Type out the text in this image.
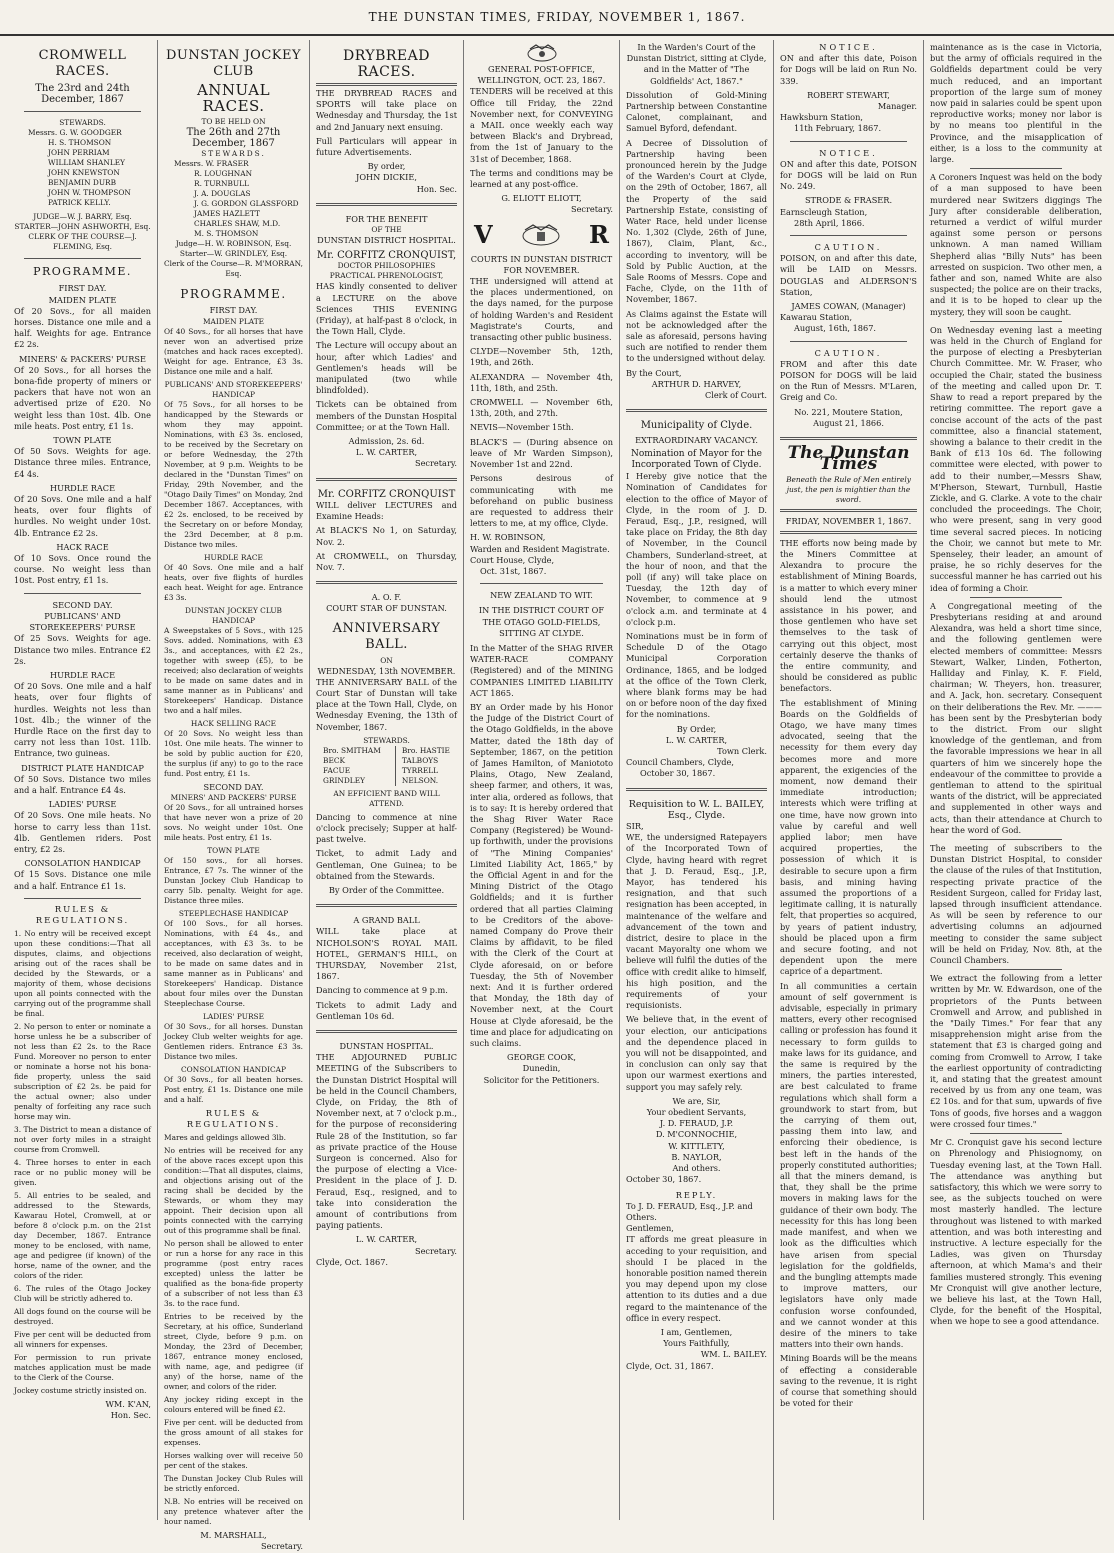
THE DUNSTAN TIMES, FRIDAY, NOVEMBER 1, 1867.
CROMWELL RACES.
The 23rd and 24th December, 1867
STEWARDS.
Messrs. G. W. GOODGER
H. S. THOMSON
JOHN PERRIAM
WILLIAM SHANLEY
JOHN KNEWSTON
BENJAMIN DURB
JOHN W. THOMPSON
PATRICK KELLY.
JUDGE—W. J. BARRY, Esq.
STARTER—JOHN ASHWORTH, Esq.
CLERK OF THE COURSE—J. FLEMING, Esq.
PROGRAMME.
FIRST DAY.
MAIDEN PLATE

Of 20 Sovs., for all maiden horses. Distance one mile and a half. Weights for age. Entrance £2 2s.

MINERS' & PACKERS' PURSE

Of 20 Sovs., for all horses the bona-fide property of miners or packers that have not won an advertised prize of £20. No weight less than 10st. 4lb. One mile heats. Post entry, £1 1s.

TOWN PLATE

Of 50 Sovs. Weights for age. Distance three miles. Entrance, £4 4s.

HURDLE RACE

Of 20 Sovs. One mile and a half heats, over four flights of hurdles. No weight under 10st. 4lb. Entrance £2 2s.

HACK RACE

Of 10 Sovs. Once round the course. No weight less than 10st. Post entry, £1 1s.

SECOND DAY.
PUBLICANS' AND STOREKEEPERS' PURSE

Of 25 Sovs. Weights for age. Distance two miles. Entrance £2 2s.

HURDLE RACE

Of 20 Sovs. One mile and a half heats, over four flights of hurdles. Weights not less than 10st. 4lb.; the winner of the Hurdle Race on the first day to carry not less than 10st. 11lb. Entrance, two guineas.

DISTRICT PLATE HANDICAP

Of 50 Sovs. Distance two miles and a half. Entrance £4 4s.

LADIES' PURSE

Of 20 Sovs. One mile heats. No horse to carry less than 11st. 4lb. Gentlemen riders. Post entry, £2 2s.

CONSOLATION HANDICAP

Of 15 Sovs. Distance one mile and a half. Entrance £1 1s.

RULES & REGULATIONS.

1. No entry will be received except upon these conditions:—That all disputes, claims, and objections arising out of the races shall be decided by the Stewards, or a majority of them, whose decisions upon all points connected with the carrying out of the programme shall be final.

2. No person to enter or nominate a horse unless he be a subscriber of not less than £2 2s. to the Race Fund. Moreover no person to enter or nominate a horse not his bona-fide property, unless the said subscription of £2 2s. be paid for the actual owner; also under penalty of forfeiting any race such horse may win.

3. The District to mean a distance of not over forty miles in a straight course from Cromwell.

4. Three horses to enter in each race or no public money will be given.

5. All entries to be sealed, and addressed to the Stewards, Kawarau Hotel, Cromwell, at or before 8 o'clock p.m. on the 21st day December, 1867. Entrance money to be enclosed, with name, age and pedigree (if known) of the horse, name of the owner, and the colors of the rider.

6. The rules of the Otago Jockey Club will be strictly adhered to.

All dogs found on the course will be destroyed.

Five per cent will be deducted from all winners for expenses.

For permission to run private matches application must be made to the Clerk of the Course.

Jockey costume strictly insisted on.

WM. K'AN,
Hon. Sec.
DUNSTAN JOCKEY CLUB
ANNUAL RACES.
TO BE HELD ON
The 26th and 27th December, 1867
STEWARDS.
Messrs. W. FRASER
R. LOUGHNAN
R. TURNBULL
J. A. DOUGLAS
J. G. GORDON GLASSFORD
JAMES HAZLETT
CHARLES SHAW, M.D.
M. S. THOMSON
Judge—H. W. ROBINSON, Esq.
Starter—W. GRINDLEY, Esq.
Clerk of the Course—R. M'MORRAN, Esq.
PROGRAMME.
FIRST DAY.
MAIDEN PLATE

Of 40 Sovs., for all horses that have never won an advertised prize (matches and hack races excepted). Weight for age. Entrance, £3 3s. Distance one mile and a half.

PUBLICANS' AND STOREKEEPERS' HANDICAP

Of 75 Sovs., for all horses to be handicapped by the Stewards or whom they may appoint. Nominations, with £3 3s. enclosed, to be received by the Secretary on or before Wednesday, the 27th November, at 9 p.m. Weights to be declared in the "Dunstan Times" on Friday, 29th November, and the "Otago Daily Times" on Monday, 2nd December 1867. Acceptances, with £2 2s. enclosed, to be received by the Secretary on or before Monday, the 23rd December, at 8 p.m. Distance two miles.

HURDLE RACE

Of 40 Sovs. One mile and a half heats, over five flights of hurdles each heat. Weight for age. Entrance £3 3s.

DUNSTAN JOCKEY CLUB HANDICAP

A Sweepstakes of 5 Sovs., with 125 Sovs. added. Nominations, with £3 3s., and acceptances, with £2 2s., together with sweep (£5), to be received; also declaration of weights to be made on same dates and in same manner as in Publicans' and Storekeepers' Handicap. Distance two and a half miles.

HACK SELLING RACE

Of 20 Sovs. No weight less than 10st. One mile heats. The winner to be sold by public auction for £20, the surplus (if any) to go to the race fund. Post entry, £1 1s.

SECOND DAY.
MINERS' AND PACKERS' PURSE

Of 20 Sovs., for all untrained horses that have never won a prize of 20 sovs. No weight under 10st. One mile heats. Post entry, £1 1s.

TOWN PLATE

Of 150 sovs., for all horses. Entrance, £7 7s. The winner of the Dunstan Jockey Club Handicap to carry 5lb. penalty. Weight for age. Distance three miles.

STEEPLECHASE HANDICAP

Of 100 Sovs., for all horses. Nominations, with £4 4s., and acceptances, with £3 3s. to be received, also declaration of weight, to be made on same dates and in same manner as in Publicans' and Storekeepers' Handicap. Distance about four miles over the Dunstan Steeplechase Course.

LADIES' PURSE

Of 30 Sovs., for all horses. Dunstan Jockey Club welter weights for age. Gentlemen riders. Entrance £3 3s. Distance two miles.

CONSOLATION HANDICAP

Of 30 Sovs., for all beaten horses. Post entry, £1 1s. Distance one mile and a half.

RULES & REGULATIONS.

Mares and geldings allowed 3lb.

No entries will be received for any of the above races except upon this condition:—That all disputes, claims, and objections arising out of the racing shall be decided by the Stewards, or whom they may appoint. Their decision upon all points connected with the carrying out of this programme shall be final.

No person shall be allowed to enter or run a horse for any race in this programme (post entry races excepted) unless the latter be qualified as the bona-fide property of a subscriber of not less than £3 3s. to the race fund.

Entries to be received by the Secretary, at his office, Sunderland street, Clyde, before 9 p.m. on Monday, the 23rd of December, 1867, entrance money enclosed, with name, age, and pedigree (if any) of the horse, name of the owner, and colors of the rider.

Any jockey riding except in the colours entered will be fined £2.

Five per cent. will be deducted from the gross amount of all stakes for expenses.

Horses walking over will receive 50 per cent of the stakes.

The Dunstan Jockey Club Rules will be strictly enforced.

N.B. No entries will be received on any pretence whatever after the hour named.

M. MARSHALL,
Secretary.
DRYBREAD RACES.

THE DRYBREAD RACES and SPORTS will take place on Wednesday and Thursday, the 1st and 2nd January next ensuing.

Full Particulars will appear in future Advertisements.

By order,
JOHN DICKIE,
Hon. Sec.
FOR THE BENEFIT
OF THE
DUNSTAN DISTRICT HOSPITAL.
Mr. CORFITZ CRONQUIST,
DOCTOR PHILOSOPHIES PRACTICAL PHRENOLOGIST,

HAS kindly consented to deliver a LECTURE on the above Sciences THIS EVENING (Friday), at half-past 8 o'clock, in the Town Hall, Clyde.

The Lecture will occupy about an hour, after which Ladies' and Gentlemen's heads will be manipulated (two while blindfolded).

Tickets can be obtained from members of the Dunstan Hospital Committee; or at the Town Hall.

Admission, 2s. 6d.
L. W. CARTER,
Secretary.
Mr. CORFITZ CRONQUIST

WILL deliver LECTURES and Examine Heads:

At BLACK'S No 1, on Saturday, Nov. 2.

At CROMWELL, on Thursday, Nov. 7.

A. O. F.
COURT STAR OF DUNSTAN.
ANNIVERSARY BALL.
ON
WEDNESDAY, 13th NOVEMBER.

THE ANNIVERSARY BALL of the Court Star of Dunstan will take place at the Town Hall, Clyde, on Wednesday Evening, the 13th of November, 1867.

STEWARDS.
Bro. SMITHAM
BECK
FACUE
GRINDLEY
Bro. HASTIE
TALBOYS
TYRRELL
NELSON.
AN EFFICIENT BAND WILL ATTEND.

Dancing to commence at nine o'clock precisely; Supper at half-past twelve.

Ticket, to admit Lady and Gentleman, One Guinea; to be obtained from the Stewards.

By Order of the Committee.
A GRAND BALL

WILL take place at NICHOLSON'S ROYAL MAIL HOTEL, GERMAN'S HILL, on THURSDAY, November 21st, 1867.

Dancing to commence at 9 p.m.

Tickets to admit Lady and Gentleman 10s 6d.

DUNSTAN HOSPITAL.

THE ADJOURNED PUBLIC MEETING of the Subscribers to the Dunstan District Hospital will be held in the Council Chambers, Clyde, on Friday, the 8th of November next, at 7 o'clock p.m., for the purpose of reconsidering Rule 28 of the Institution, so far as private practice of the House Surgeon is concerned. Also for the purpose of electing a Vice-President in the place of J. D. Feraud, Esq., resigned, and to take into consideration the amount of contributions from paying patients.

L. W. CARTER,
Secretary.
Clyde, Oct. 1867.
GENERAL POST-OFFICE,
WELLINGTON, OCT. 23, 1867.

TENDERS will be received at this Office till Friday, the 22nd November next, for CONVEYING a MAIL once weekly each way between Black's and Drybread, from the 1st of January to the 31st of December, 1868.

The terms and conditions may be learned at any post-office.

G. ELIOTT ELIOTT,
Secretary.
V	R
COURTS IN DUNSTAN DISTRICT FOR NOVEMBER.

THE undersigned will attend at the places undermentioned, on the days named, for the purpose of holding Warden's and Resident Magistrate's Courts, and transacting other public business.

CLYDE—November 5th, 12th, 19th, and 26th.

ALEXANDRA — November 4th, 11th, 18th, and 25th.

CROMWELL — November 6th, 13th, 20th, and 27th.

NEVIS—November 15th.

BLACK'S — (During absence on leave of Mr Warden Simpson), November 1st and 22nd.

Persons desirous of communicating with me beforehand on public business are requested to address their letters to me, at my office, Clyde.

H. W. ROBINSON,
Warden and Resident Magistrate.
Court House, Clyde,
Oct. 31st, 1867.
NEW ZEALAND TO WIT.
IN THE DISTRICT COURT OF THE OTAGO GOLD-FIELDS, SITTING AT CLYDE.

In the Matter of the SHAG RIVER WATER-RACE COMPANY (Registered) and of the MINING COMPANIES LIMITED LIABILITY ACT 1865.

BY an Order made by his Honor the Judge of the District Court of the Otago Goldfields, in the above Matter, dated the 18th day of September, 1867, on the petition of James Hamilton, of Maniototo Plains, Otago, New Zealand, sheep farmer, and others, it was, inter alia, ordered as follows, that is to say: It is hereby ordered that the Shag River Water Race Company (Registered) be Wound-up forthwith, under the provisions of "The Mining Companies' Limited Liability Act, 1865," by the Official Agent in and for the Mining District of the Otago Goldfields; and it is further ordered that all parties Claiming to be Creditors of the above-named Company do Prove their Claims by affidavit, to be filed with the Clerk of the Court at Clyde aforesaid, on or before Tuesday, the 5th of November next: And it is further ordered that Monday, the 18th day of November next, at the Court House at Clyde aforesaid, be the time and place for adjudicating on such claims.

GEORGE COOK,
Dunedin,
Solicitor for the Petitioners.

In the Warden's Court of the Dunstan District, sitting at Clyde, and in the Matter of "The Goldfields' Act, 1867."

Dissolution of Gold-Mining Partnership between Constantine Calonet, complainant, and Samuel Byford, defendant.

A Decree of Dissolution of Partnership having been pronounced herein by the Judge of the Warden's Court at Clyde, on the 29th of October, 1867, all the Property of the said Partnership Estate, consisting of Water Race, held under license No. 1,302 (Clyde, 26th of June, 1867), Claim, Plant, &c., according to inventory, will be Sold by Public Auction, at the Sale Rooms of Messrs. Cope and Fache, Clyde, on the 11th of November, 1867.

As Claims against the Estate will not be acknowledged after the sale as aforesaid, persons having such are notified to render them to the undersigned without delay.

By the Court,
ARTHUR D. HARVEY,
Clerk of Court.
Municipality of Clyde.
EXTRAORDINARY VACANCY.
Nomination of Mayor for the Incorporated Town of Clyde.

I Hereby give notice that the Nomination of Candidates for election to the office of Mayor of Clyde, in the room of J. D. Feraud, Esq., J.P., resigned, will take place on Friday, the 8th day of November, in the Council Chambers, Sunderland-street, at the hour of noon, and that the poll (if any) will take place on Tuesday, the 12th day of November, to commence at 9 o'clock a.m. and terminate at 4 o'clock p.m.

Nominations must be in form of Schedule D of the Otago Municipal Corporation Ordinance, 1865, and be lodged at the office of the Town Clerk, where blank forms may be had on or before noon of the day fixed for the nominations.

By Order,
L. W. CARTER,
Town Clerk.
Council Chambers, Clyde,
October 30, 1867.
Requisition to W. L. BAILEY, Esq., Clyde.
SIR,

WE, the undersigned Ratepayers of the Incorporated Town of Clyde, having heard with regret that J. D. Feraud, Esq., J.P., Mayor, has tendered his resignation, and that such resignation has been accepted, in maintenance of the welfare and advancement of the town and district, desire to place in the vacant Mayoralty one whom we believe will fulfil the duties of the office with credit alike to himself, his high position, and the requirements of your requisionists.

We believe that, in the event of your election, our anticipations and the dependence placed in you will not be disappointed, and in conclusion can only say that upon our warmest exertions and support you may safely rely.

We are, Sir,
Your obedient Servants,
J. D. FERAUD, J.P.
D. M'CONNOCHIE,
W. KITTLETY,
B. NAYLOR,
And others.
October 30, 1867.
REPLY.
To J. D. FERAUD, Esq., J.P. and Others.
Gentlemen,

IT affords me great pleasure in acceding to your requisition, and should I be placed in the honorable position named therein you may depend upon my close attention to its duties and a due regard to the maintenance of the office in every respect.

I am, Gentlemen,
Yours Faithfully,
WM. L. BAILEY.
Clyde, Oct. 31, 1867.
NOTICE.

ON and after this date, Poison for Dogs will be laid on Run No. 339.

ROBERT STEWART,
Manager.
Hawksburn Station,
11th February, 1867.
NOTICE.

ON and after this date, POISON for DOGS will be laid on Run No. 249.

STRODE & FRASER.
Earnscleugh Station,
28th April, 1866.
CAUTION.

POISON, on and after this date, will be LAID on Messrs. DOUGLAS and ALDERSON'S Station,

JAMES COWAN, (Manager)
Kawarau Station,
August, 16th, 1867.
CAUTION.

FROM and after this date POISON for DOGS will be laid on the Run of Messrs. M'Laren, Greig and Co.

No. 221, Moutere Station,
August 21, 1866.
The Dunstan Times
Beneath the Rule of Men entirely just, the pen is mightier than the sword.
FRIDAY, NOVEMBER 1, 1867.

THE efforts now being made by the Miners Committee at Alexandra to procure the establishment of Mining Boards, is a matter to which every miner should lend the utmost assistance in his power, and those gentlemen who have set themselves to the task of carrying out this object, most certainly deserve the thanks of the entire community, and should be considered as public benefactors.

The establishment of Mining Boards on the Goldfields of Otago, we have many times advocated, seeing that the necessity for them every day becomes more and more apparent, the exigencies of the moment, now demand their immediate introduction; interests which were trifling at one time, have now grown into value by careful and well applied labor; men have acquired properties, the possession of which it is desirable to secure upon a firm basis, and mining having assumed the proportions of a legitimate calling, it is naturally felt, that properties so acquired, by years of patient industry, should be placed upon a firm and secure footing, and not dependent upon the mere caprice of a department.

In all communities a certain amount of self government is advisable, especially in primary matters, every other recognised calling or profession has found it necessary to form guilds to make laws for its guidance, and the same is required by the miners, the parties interested, are best calculated to frame regulations which shall form a groundwork to start from, but the carrying of them out, passing them into law, and enforcing their obedience, is best left in the hands of the properly constituted authorities; all that the miners demand, is that, they shall be the prime movers in making laws for the guidance of their own body. The necessity for this has long been made manifest, and when we look as the difficulties which have arisen from special legislation for the goldfields, and the bungling attempts made to improve matters, our legislators have only made confusion worse confounded, and we cannot wonder at this desire of the miners to take matters into their own hands.

Mining Boards will be the means of effecting a considerable saving to the revenue, it is right of course that something should be voted for their

maintenance as is the case in Victoria, but the army of officials required in the Goldfields department could be very much reduced, and an important proportion of the large sum of money now paid in salaries could be spent upon reproductive works; money nor labor is by no means too plentiful in the Province, and the misapplication of either, is a loss to the community at large.

A Coroners Inquest was held on the body of a man supposed to have been murdered near Switzers diggings The Jury after considerable deliberation, returned a verdict of wilful murder against some person or persons unknown. A man named William Shepherd alias "Billy Nuts" has been arrested on suspicion. Two other men, a father and son, named White are also suspected; the police are on their tracks, and it is to be hoped to clear up the mystery, they will soon be caught.

On Wednesday evening last a meeting was held in the Church of England for the purpose of electing a Presbyterian Church Committee. Mr. W. Fraser, who occupied the Chair, stated the business of the meeting and called upon Dr. T. Shaw to read a report prepared by the retiring committee. The report gave a concise account of the acts of the past committee, also a financial statement, showing a balance to their credit in the Bank of £13 10s 6d. The following committee were elected, with power to add to their number,—Messrs Shaw, M'Pherson, Stewart, Turnbull, Hastie Zickle, and G. Clarke. A vote to the chair concluded the proceedings. The Choir, who were present, sang in very good time several sacred pieces. In noticing the Choir, we cannot but mete to Mr. Spenseley, their leader, an amount of praise, he so richly deserves for the successful manner he has carried out his idea of forming a Choir.

A Congregational meeting of the Presbyterians residing at and around Alexandra, was held a short time since, and the following gentlemen were elected members of committee: Messrs Stewart, Walker, Linden, Fotherton, Halliday and Finlay, K. F. Field, chairman; W. Theyers, hon. treasurer, and A. Jack, hon. secretary. Consequent on their deliberations the Rev. Mr. ——— has been sent by the Presbyterian body to the district. From our slight knowledge of the gentleman, and from the favorable impressions we hear in all quarters of him we sincerely hope the endeavour of the committee to provide a gentleman to attend to the spiritual wants of the district, will be appreciated and supplemented in other ways and acts, than their attendance at Church to hear the word of God.

The meeting of subscribers to the Dunstan District Hospital, to consider the clause of the rules of that Institution, respecting private practice of the Resident Surgeon, called for Friday last, lapsed through insufficient attendance. As will be seen by reference to our advertising columns an adjourned meeting to consider the same subject will be held on Friday, Nov. 8th, at the Council Chambers.

We extract the following from a letter written by Mr. W. Edwardson, one of the proprietors of the Punts between Cromwell and Arrow, and published in the "Daily Times." For fear that any misapprehension might arise from the statement that £3 is charged going and coming from Cromwell to Arrow, I take the earliest opportunity of contradicting it, and stating that the greatest amount received by us from any one team, was £2 10s. and for that sum, upwards of five Tons of goods, five horses and a waggon were crossed four times."

Mr C. Cronquist gave his second lecture on Phrenology and Phisiognomy, on Tuesday evening last, at the Town Hall. The attendance was anything but satisfactory, this which we were sorry to see, as the subjects touched on were most masterly handled. The lecture throughout was listened to with marked attention, and was both interesting and instructive. A lecture especially for the Ladies, was given on Thursday afternoon, at which Mama's and their families mustered strongly. This evening Mr Cronquist will give another lecture, we believe his last, at the Town Hall, Clyde, for the benefit of the Hospital, when we hope to see a good attendance.
